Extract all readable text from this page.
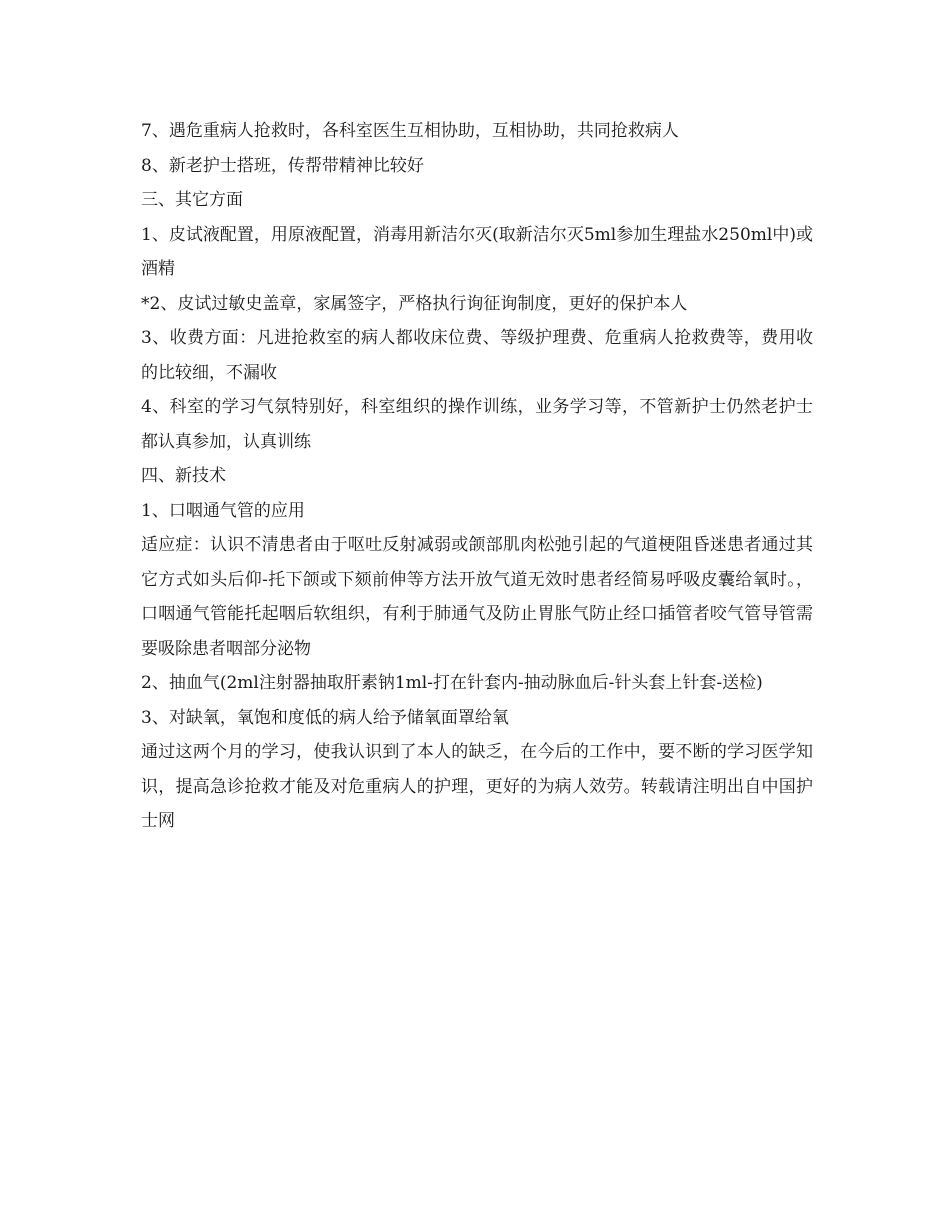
7、遇危重病人抢救时，各科室医生互相协助，互相协助，共同抢救病人

8、新老护士搭班，传帮带精神比较好

三、其它方面

1、皮试液配置，用原液配置，消毒用新洁尔灭(取新洁尔灭5ml参加生理盐水250ml中)或酒精

*2、皮试过敏史盖章，家属签字，严格执行询征询制度，更好的保护本人

3、收费方面：凡进抢救室的病人都收床位费、等级护理费、危重病人抢救费等，费用收的比较细，不漏收

4、科室的学习气氛特别好，科室组织的操作训练，业务学习等，不管新护士仍然老护士都认真参加，认真训练

四、新技术

1、口咽通气管的应用

适应症：认识不清患者由于呕吐反射减弱或颌部肌肉松弛引起的气道梗阻昏迷患者通过其它方式如头后仰-托下颌或下颏前伸等方法开放气道无效时患者经简易呼吸皮囊给氧时。，口咽通气管能托起咽后软组织，有利于肺通气及防止胃胀气防止经口插管者咬气管导管需要吸除患者咽部分泌物

2、抽血气(2ml注射器抽取肝素钠1ml-打在针套内-抽动脉血后-针头套上针套-送检)

3、对缺氧，氧饱和度低的病人给予储氧面罩给氧

通过这两个月的学习，使我认识到了本人的缺乏，在今后的工作中，要不断的学习医学知识，提高急诊抢救才能及对危重病人的护理，更好的为病人效劳。转载请注明出自中国护士网
